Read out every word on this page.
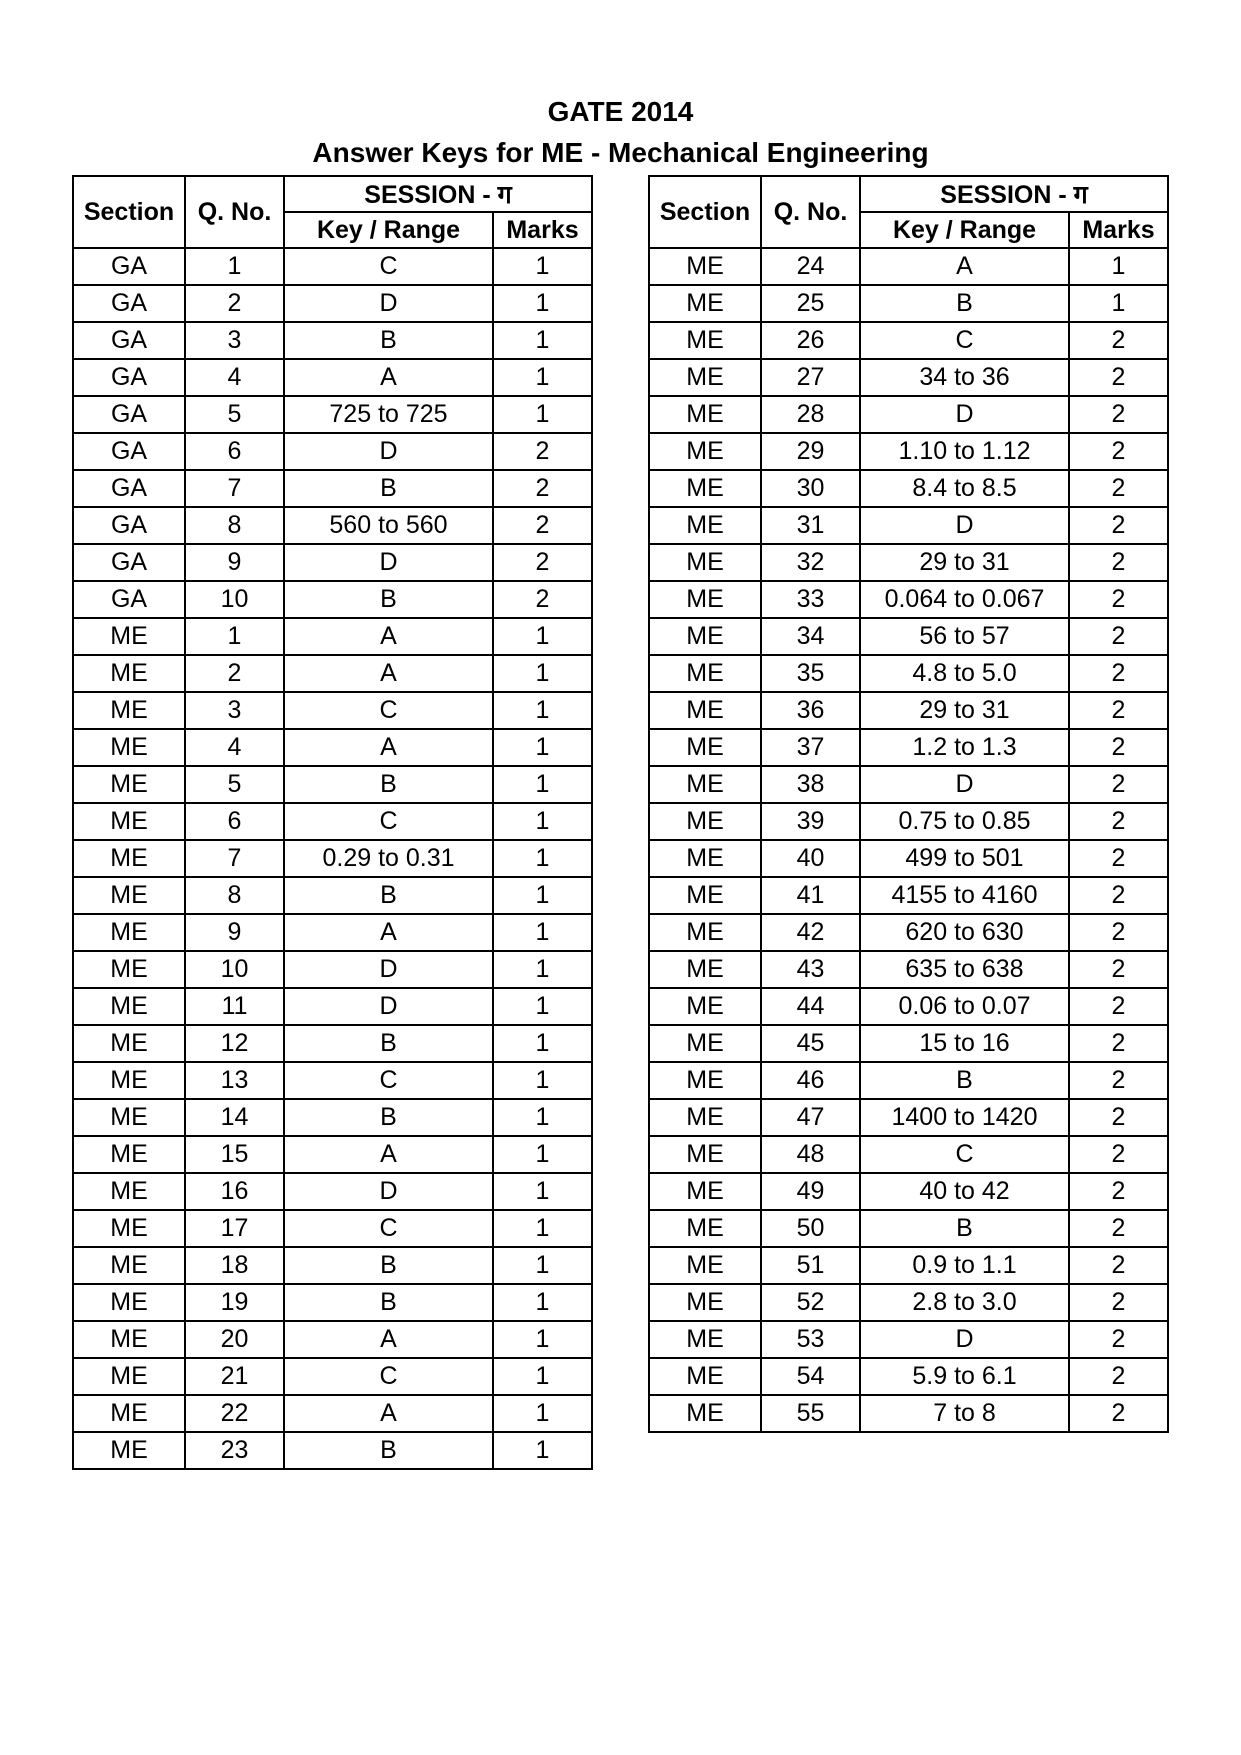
GATE 2014
Answer Keys for ME - Mechanical Engineering
Section	Q. No.	SESSION - ग	
		Key / Range	Marks
GA	1	C	1
GA	2	D	1
GA	3	B	1
GA	4	A	1
GA	5	725 to 725	1
GA	6	D	2
GA	7	B	2
GA	8	560 to 560	2
GA	9	D	2
GA	10	B	2
ME	1	A	1
ME	2	A	1
ME	3	C	1
ME	4	A	1
ME	5	B	1
ME	6	C	1
ME	7	0.29 to 0.31	1
ME	8	B	1
ME	9	A	1
ME	10	D	1
ME	11	D	1
ME	12	B	1
ME	13	C	1
ME	14	B	1
ME	15	A	1
ME	16	D	1
ME	17	C	1
ME	18	B	1
ME	19	B	1
ME	20	A	1
ME	21	C	1
ME	22	A	1
ME	23	B	1
Section	Q. No.	SESSION - ग	
		Key / Range	Marks
ME	24	A	1
ME	25	B	1
ME	26	C	2
ME	27	34 to 36	2
ME	28	D	2
ME	29	1.10 to 1.12	2
ME	30	8.4 to 8.5	2
ME	31	D	2
ME	32	29 to 31	2
ME	33	0.064 to 0.067	2
ME	34	56 to 57	2
ME	35	4.8 to 5.0	2
ME	36	29 to 31	2
ME	37	1.2 to 1.3	2
ME	38	D	2
ME	39	0.75 to 0.85	2
ME	40	499 to 501	2
ME	41	4155 to 4160	2
ME	42	620 to 630	2
ME	43	635 to 638	2
ME	44	0.06 to 0.07	2
ME	45	15 to 16	2
ME	46	B	2
ME	47	1400 to 1420	2
ME	48	C	2
ME	49	40 to 42	2
ME	50	B	2
ME	51	0.9 to 1.1	2
ME	52	2.8 to 3.0	2
ME	53	D	2
ME	54	5.9 to 6.1	2
ME	55	7 to 8	2
